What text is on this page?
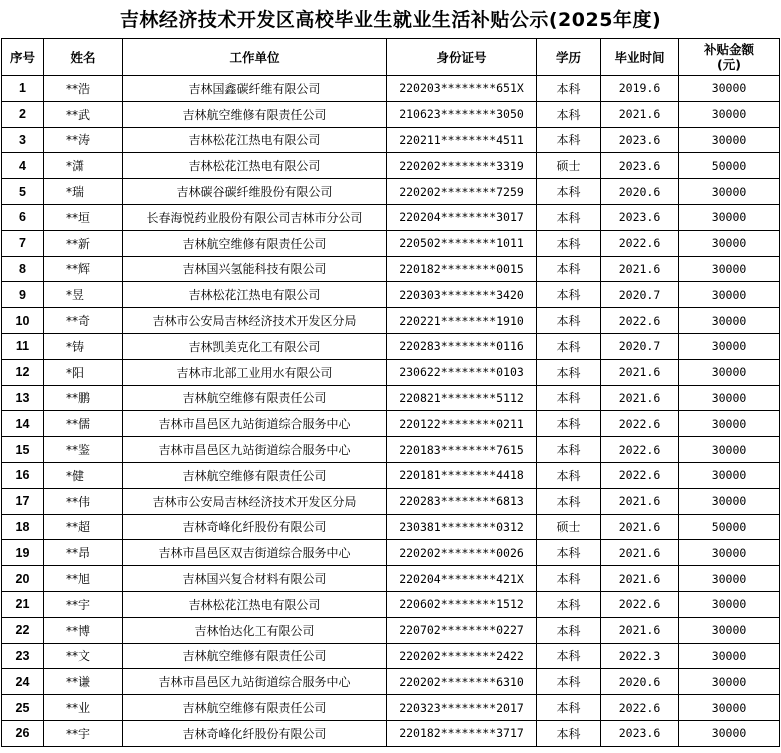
吉林经济技术开发区高校毕业生就业生活补贴公示(2025年度)
序号	姓名	工作单位	身份证号	学历	毕业时间	补贴金额
(元)

1	**浩	吉林国鑫碳纤维有限公司	220203********651X	本科	2019.6	30000
2	**武	吉林航空维修有限责任公司	210623********3050	本科	2021.6	30000
3	**涛	吉林松花江热电有限公司	220211********4511	本科	2023.6	30000
4	*潇	吉林松花江热电有限公司	220202********3319	硕士	2023.6	50000
5	*瑞	吉林碳谷碳纤维股份有限公司	220202********7259	本科	2020.6	30000
6	**垣	长春海悦药业股份有限公司吉林市分公司	220204********3017	本科	2023.6	30000
7	**新	吉林航空维修有限责任公司	220502********1011	本科	2022.6	30000
8	**辉	吉林国兴氢能科技有限公司	220182********0015	本科	2021.6	30000
9	*昱	吉林松花江热电有限公司	220303********3420	本科	2020.7	30000
10	**奇	吉林市公安局吉林经济技术开发区分局	220221********1910	本科	2022.6	30000
11	*铸	吉林凯美克化工有限公司	220283********0116	本科	2020.7	30000
12	*阳	吉林市北部工业用水有限公司	230622********0103	本科	2021.6	30000
13	**鹏	吉林航空维修有限责任公司	220821********5112	本科	2021.6	30000
14	**儒	吉林市昌邑区九站街道综合服务中心	220122********0211	本科	2022.6	30000
15	**鉴	吉林市昌邑区九站街道综合服务中心	220183********7615	本科	2022.6	30000
16	*健	吉林航空维修有限责任公司	220181********4418	本科	2022.6	30000
17	**伟	吉林市公安局吉林经济技术开发区分局	220283********6813	本科	2021.6	30000
18	**超	吉林奇峰化纤股份有限公司	230381********0312	硕士	2021.6	50000
19	**昂	吉林市昌邑区双吉街道综合服务中心	220202********0026	本科	2021.6	30000
20	**旭	吉林国兴复合材料有限公司	220204********421X	本科	2021.6	30000
21	**宇	吉林松花江热电有限公司	220602********1512	本科	2022.6	30000
22	**博	吉林怡达化工有限公司	220702********0227	本科	2021.6	30000
23	**文	吉林航空维修有限责任公司	220202********2422	本科	2022.3	30000
24	**谦	吉林市昌邑区九站街道综合服务中心	220202********6310	本科	2020.6	30000
25	**业	吉林航空维修有限责任公司	220323********2017	本科	2022.6	30000
26	**宇	吉林奇峰化纤股份有限公司	220182********3717	本科	2023.6	30000
